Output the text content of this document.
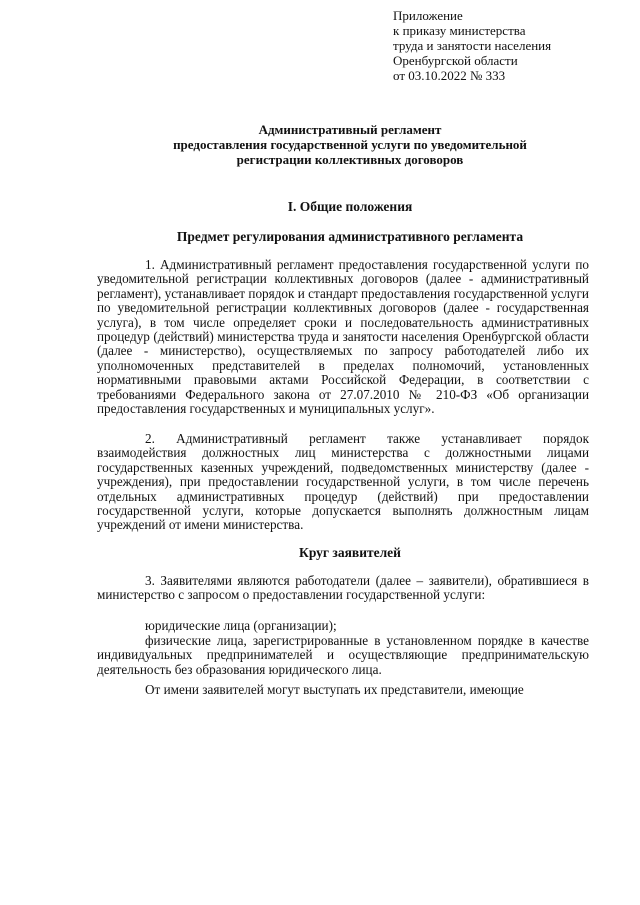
Приложение
к приказу министерства
труда и занятости населения
Оренбургской области
от 03.10.2022 № 333
Административный регламент
предоставления государственной услуги по уведомительной
регистрации коллективных договоров
I. Общие положения
Предмет регулирования административного регламента
1. Административный регламент предоставления государственной услуги по уведомительной регистрации коллективных договоров (далее - административный регламент), устанавливает порядок и стандарт предоставления государственной услуги по уведомительной регистрации коллективных договоров (далее - государственная услуга), в том числе определяет сроки и последовательность административных процедур (действий) министерства труда и занятости населения Оренбургской области (далее - министерство), осуществляемых по запросу работодателей либо их уполномоченных представителей в пределах полномочий, установленных нормативными правовыми актами Российской Федерации, в соответствии с требованиями Федерального закона от 27.07.2010 № 210-ФЗ «Об организации предоставления государственных и муниципальных услуг».
2. Административный регламент также устанавливает порядок взаимодействия должностных лиц министерства с должностными лицами государственных казенных учреждений, подведомственных министерству (далее - учреждения), при предоставлении государственной услуги, в том числе перечень отдельных административных процедур (действий) при предоставлении государственной услуги, которые допускается выполнять должностным лицам учреждений от имени министерства.
Круг заявителей
3. Заявителями являются работодатели (далее – заявители), обратившиеся в министерство с запросом о предоставлении государственной услуги:
юридические лица (организации);
физические лица, зарегистрированные в установленном порядке в качестве индивидуальных предпринимателей и осуществляющие предпринимательскую деятельность без образования юридического лица.
От имени заявителей могут выступать их представители, имеющие
